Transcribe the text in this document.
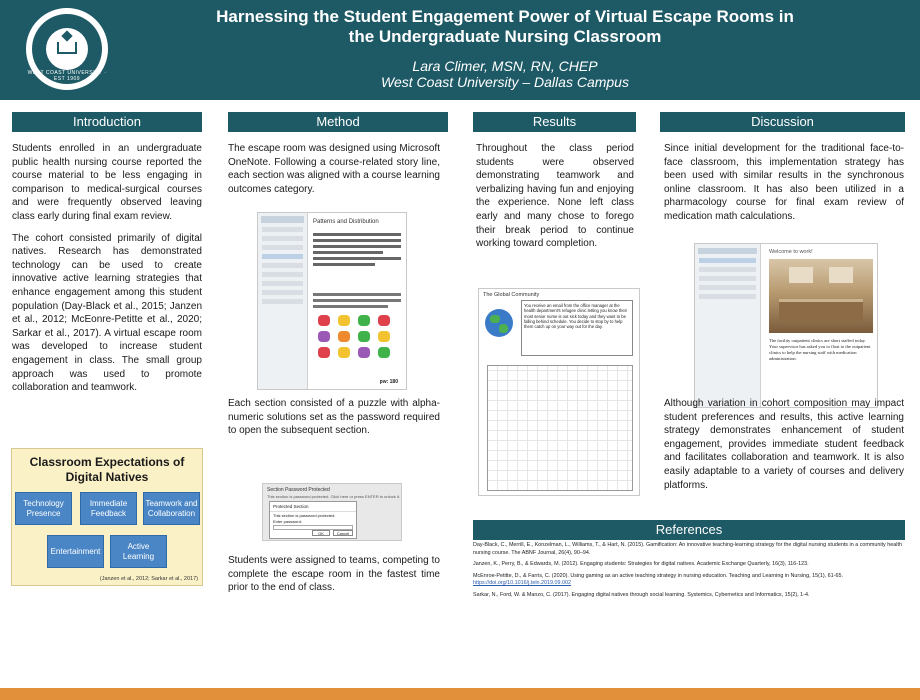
WEST COAST UNIVERSITY · EST 1909
Harnessing the Student Engagement Power of Virtual Escape Rooms in
the Undergraduate Nursing Classroom
Lara Climer, MSN, RN, CHEP
West Coast University – Dallas Campus
Introduction

Students enrolled in an undergraduate public health nursing course reported the course material to be less engaging in comparison to medical-surgical courses and were frequently observed leaving class early during final exam review.

The cohort consisted primarily of digital natives. Research has demonstrated technology can be used to create innovative active learning strategies that enhance engagement among this student population (Day-Black et al., 2015; Janzen et al., 2012; McEonre-Petitte et al., 2020; Sarkar et al., 2017). A virtual escape room was developed to increase student engagement in class. The small group approach was used to promote collaboration and teamwork.

Classroom Expectations of
Digital Natives
Technology Presence
Immediate Feedback
Teamwork and Collaboration
Entertainment
Active Learning
(Janzen et al., 2012; Sarkar et al., 2017)
Method
The escape room was designed using Microsoft OneNote. Following a course-related story line, each section was aligned with a course learning outcomes category.
Patterns and Distribution
pw: 180
Each section consisted of a puzzle with alpha-numeric solutions set as the password required to open the subsequent section.
Section Password Protected
This section is password protected. Click here or press ENTER to unlock it.
Protected Section
This section is password protected.
Enter password:
OK	Cancel
Students were assigned to teams, competing to complete the escape room in the fastest time prior to the end of class.
Results
Throughout the class period students were observed demonstrating teamwork and verbalizing having fun and enjoying the experience. None left class early and many chose to forego their break period to continue working toward completion.
The Global Community
You receive an email from the office manager at the health department's refugee clinic letting you know their most senior nurse is out sick today and they want to be falling behind schedule. You decide to stop by to help them catch up on your way out for the day.
Discussion
Since initial development for the traditional face-to-face classroom, this implementation strategy has been used with similar results in the synchronous online classroom. It has also been utilized in a pharmacology course for final exam review of medication math calculations.
Welcome to work!
The facility outpatient clinics are short staffed today. Your supervisor has asked you to float to the outpatient clinics to help the nursing staff with medication administration.
Although variation in cohort composition may impact student preferences and results, this active learning strategy demonstrates enhancement of student engagement, provides immediate student feedback and facilitates collaboration and teamwork. It is also easily adaptable to a variety of courses and delivery platforms.
References
Day-Black, C., Merrill, E., Konzelman, L., Williams, T., & Hart, N. (2015). Gamification: An innovative teaching-learning strategy for the digital nursing students in a community health nursing course. The ABNF Journal, 26(4), 90–94.
Janzen, K., Perry, B., & Edwards, M. (2012). Engaging students: Strategies for digital natives. Academic Exchange Quarterly, 16(3), 116-123.
McEnroe-Petitte, D., & Farris, C. (2020). Using gaming as an active teaching strategy in nursing education. Teaching and Learning in Nursing, 15(1), 61-65. https://doi.org/10.1016/j.teln.2019.09.002
Sarkar, N., Ford, W. & Manzo, C. (2017). Engaging digital natives through social learning. Systemics, Cybernetics and Informatics, 15(2), 1-4.
